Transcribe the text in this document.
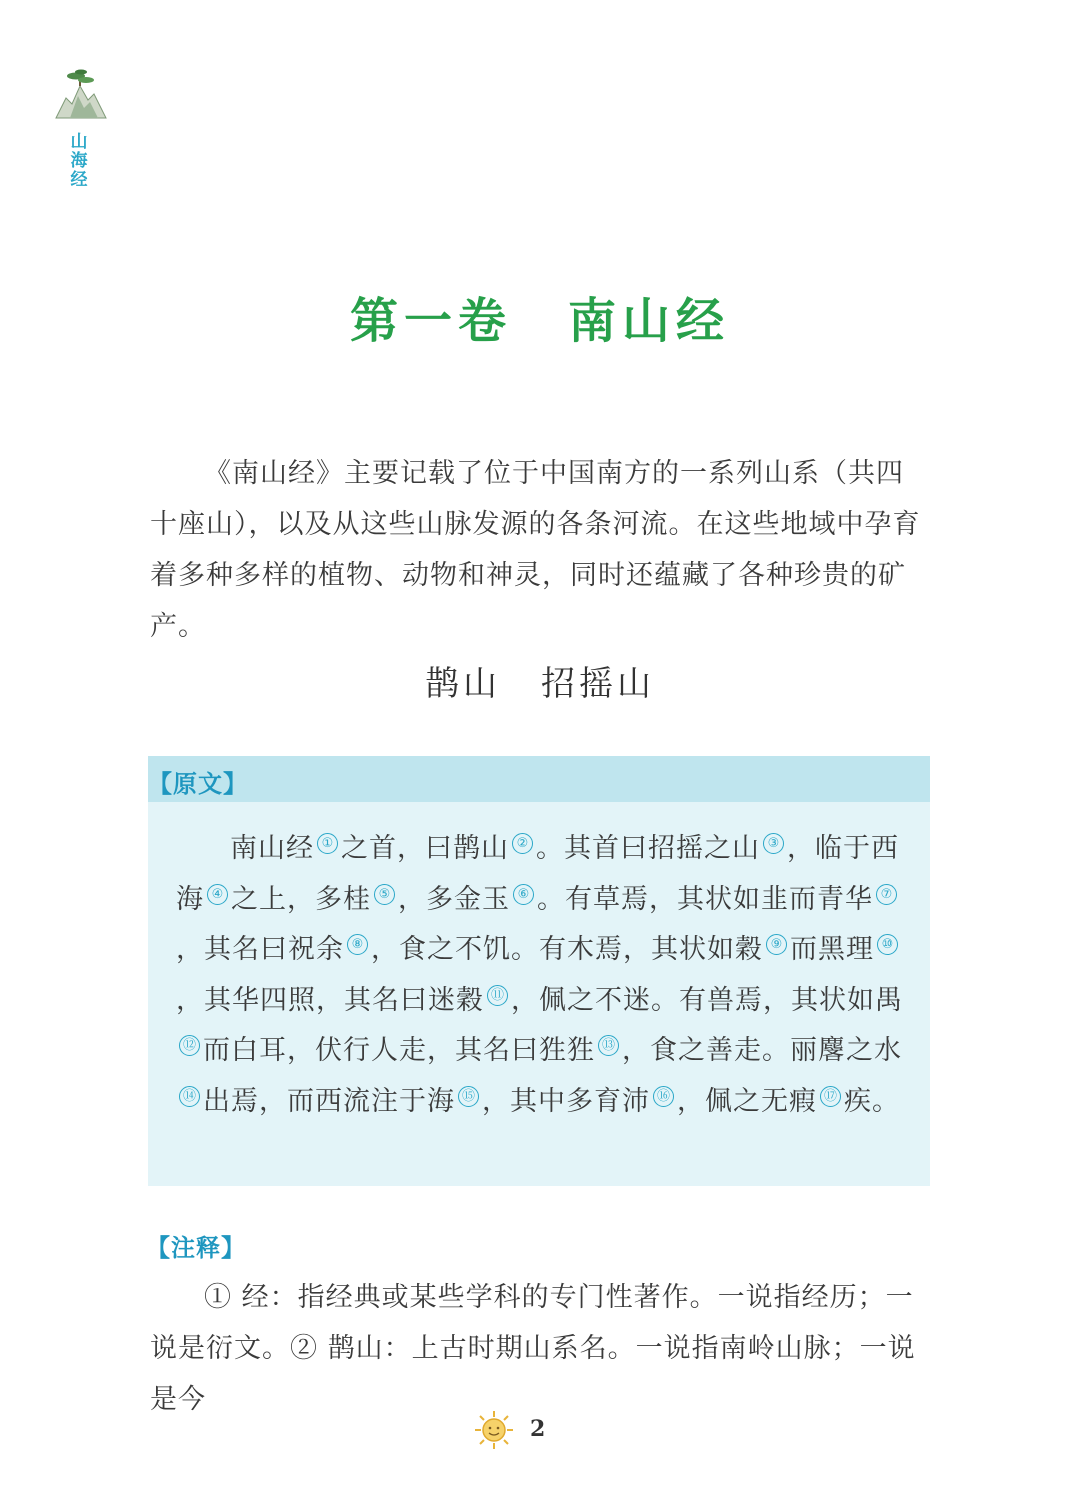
山
海
经
第一卷 南山经

《南山经》主要记载了位于中国南方的一系列山系（共四十座山），以及从这些山脉发源的各条河流。在这些地域中孕育着多种多样的植物、动物和神灵，同时还蕴藏了各种珍贵的矿产。

鹊山 招摇山
【原文】

南山经 ① 之首，曰鹊山 ② 。其首曰招摇之山 ③ ，临于西海 ④ 之上，多桂 ⑤ ，多金玉 ⑥ 。有草焉，其状如韭而青华 ⑦，其名曰祝余 ⑧ ，食之不饥。有木焉，其状如穀 ⑨ 而黑理 ⑩，其华四照，其名曰迷穀 ⑪ ，佩之不迷。有兽焉，其状如禺⑫ 而白耳，伏行人走，其名曰狌狌 ⑬ ，食之善走。丽麐之水⑭ 出焉，而西流注于海 ⑮ ，其中多育沛 ⑯ ，佩之无瘕 ⑰ 疾。

【注释】

① 经：指经典或某些学科的专门性著作。一说指经历；一说是衍文。② 鹊山：上古时期山系名。一说指南岭山脉；一说是今

2
